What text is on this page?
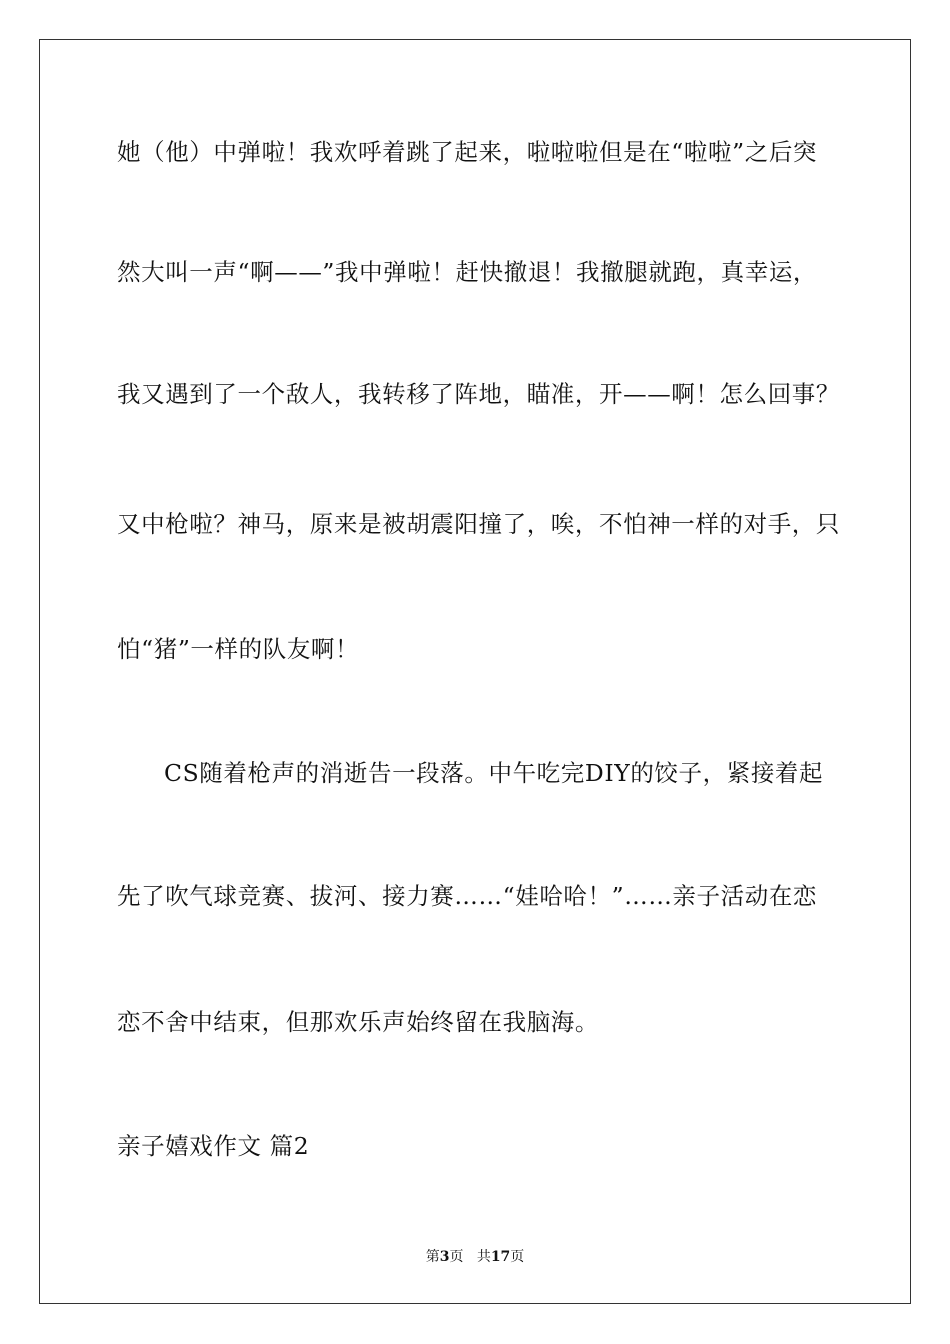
她（他）中弹啦！我欢呼着跳了起来，啦啦啦但是在“啦啦”之后突
然大叫一声“啊——”我中弹啦！赶快撤退！我撤腿就跑，真幸运，
我又遇到了一个敌人，我转移了阵地，瞄准，开——啊！怎么回事？
又中枪啦？神马，原来是被胡震阳撞了，唉，不怕神一样的对手，只
怕“猪”一样的队友啊！
CS随着枪声的消逝告一段落。中午吃完DIY的饺子，紧接着起
先了吹气球竞赛、拔河、接力赛……“娃哈哈！”……亲子活动在恋
恋不舍中结束，但那欢乐声始终留在我脑海。
亲子嬉戏作文 篇2
第3页 共17页
